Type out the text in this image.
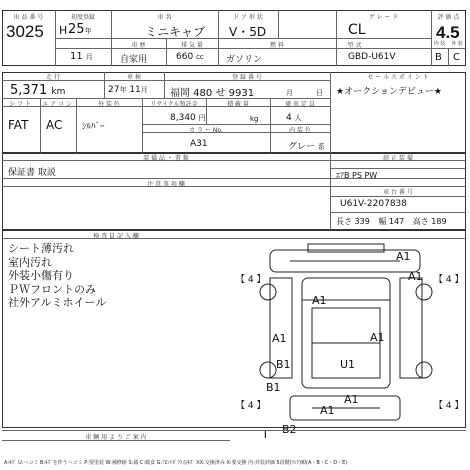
出 品 番 号
3025
初度登録
H 25年
11 月
車 名
ミニキャブ
車 歴
自家用
排 気 量
660 cc
ド ア 形 状
V・5D
燃 料
ガソリン
グ レ ー ド
CL
型 式
GBD-U61V
評 価 点
4.5
内 装	外 装
B C
走 行
5,371 km
車 検
27年 11月
登 録 番 号
福岡 480 せ 9931	月	日
セ ー ル ス ポ イ ン ト
★オークションデビュー★
シ フ ト
FAT
エ ア コ ン
AC
外 装 色
ｼﾙﾊﾞｰ
リサイクル預託金
8,340 円
積 載 量
kg
乗 車 定 員
4 人
カ ラ ー No.
A31
内 装 色
グレー 系
装 備 品 ・ 書 類
保証書 取説
注 意 事 項 欄
純 正 装 備
ｴｱB PS PW
車 台 番 号
U61V-2207838
長さ 339 幅 147 高さ 189
検 査 員 記 入 欄
シート薄汚れ
室内汚れ
外装小傷有り
ＰＷフロントのみ
社外アルミホイール
A1
A1
A1
A1
A1
B1	U1
B1
A1
A1
T B2
【 4 】	【 4 】
【 4 】	【 4 】
車 輌 用 よ り ご 案 内
A:ｷｽﾞ U:ヘコミ B:ｷｽﾞを伴うヘコミ P:要塗装 W:補修跡 S:錆 C:腐食 G:ﾌﾛﾝﾄｶﾞﾗｽ点ｷｽﾞ XX:交換済み X:要交換 内:外装評価 5段階(ﾗﾝｸ)順(A・B・C・D・E)
